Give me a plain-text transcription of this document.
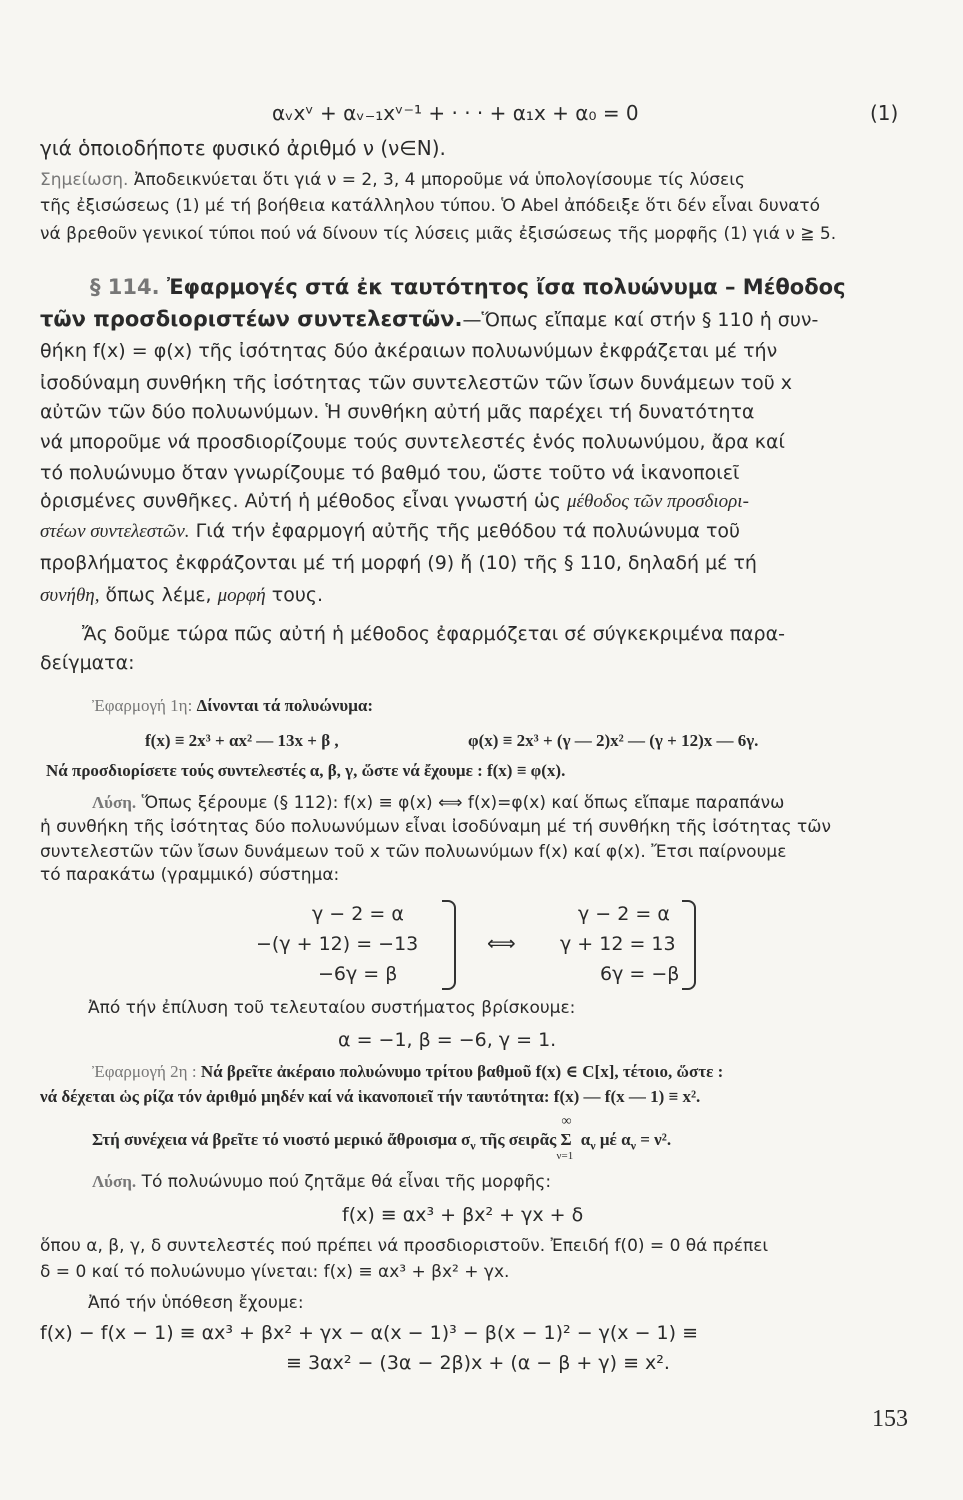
αᵥxᵛ + αᵥ₋₁xᵛ⁻¹ + · · · + α₁x + α₀ = 0	(1)
γιά ὁποιοδήποτε φυσικό ἀριθμό ν (ν∈N).
Σημείωση. Ἀποδεικνύεται ὅτι γιά ν = 2, 3, 4 μποροῦμε νά ὑπολογίσουμε τίς λύσεις
τῆς ἐξισώσεως (1) μέ τή βοήθεια κατάλληλου τύπου. Ὁ Abel ἀπόδειξε ὅτι δέν εἶναι δυνατό
νά βρεθοῦν γενικοί τύποι πού νά δίνουν τίς λύσεις μιᾶς ἐξισώσεως τῆς μορφῆς (1) γιά ν ≧ 5.
§ 114. Ἐφαρμογές στά ἐκ ταυτότητος ἴσα πολυώνυμα – Μέθοδος
τῶν προσδιοριστέων συντελεστῶν.—Ὅπως εἴπαμε καί στήν § 110 ἡ συν-
θήκη f(x) = φ(x) τῆς ἰσότητας δύο ἀκέραιων πολυωνύμων ἐκφράζεται μέ τήν
ἰσοδύναμη συνθήκη τῆς ἰσότητας τῶν συντελεστῶν τῶν ἴσων δυνάμεων τοῦ x
αὐτῶν τῶν δύο πολυωνύμων. Ἡ συνθήκη αὐτή μᾶς παρέχει τή δυνατότητα
νά μποροῦμε νά προσδιορίζουμε τούς συντελεστές ἑνός πολυωνύμου, ἄρα καί
τό πολυώνυμο ὅταν γνωρίζουμε τό βαθμό του, ὥστε τοῦτο νά ἱκανοποιεῖ
ὁρισμένες συνθῆκες. Αὐτή ἡ μέθοδος εἶναι γνωστή ὡς μέθοδος τῶν προσδιορι-
στέων συντελεστῶν. Γιά τήν ἐφαρμογή αὐτῆς τῆς μεθόδου τά πολυώνυμα τοῦ
προβλήματος ἐκφράζονται μέ τή μορφή (9) ἤ (10) τῆς § 110, δηλαδή μέ τή
συνήθη, ὅπως λέμε, μορφή τους.
Ἄς δοῦμε τώρα πῶς αὐτή ἡ μέθοδος ἐφαρμόζεται σέ σύγκεκριμένα παρα-
δείγματα:
Ἐφαρμογή 1η: Δίνονται τά πολυώνυμα:
f(x) ≡ 2x³ + αx² — 13x + β ,	φ(x) ≡ 2x³ + (γ — 2)x² — (γ + 12)x — 6γ.
Νά προσδιορίσετε τούς συντελεστές α, β, γ, ὥστε νά ἔχουμε : f(x) ≡ φ(x).
Λύση. Ὅπως ξέρουμε (§ 112): f(x) ≡ φ(x) ⟺ f(x)=φ(x) καί ὅπως εἴπαμε παραπάνω
ἡ συνθήκη τῆς ἰσότητας δύο πολυωνύμων εἶναι ἰσοδύναμη μέ τή συνθήκη τῆς ἰσότητας τῶν
συντελεστῶν τῶν ἴσων δυνάμεων τοῦ x τῶν πολυωνύμων f(x) καί φ(x). Ἔτσι παίρνουμε
τό παρακάτω (γραμμικό) σύστημα:
γ − 2 = α
−(γ + 12) = −13
−6γ = β
⟺
γ − 2 = α
γ + 12 = 13
6γ = −β
Ἀπό τήν ἐπίλυση τοῦ τελευταίου συστήματος βρίσκουμε:
α = −1, β = −6, γ = 1.
Ἐφαρμογή 2η : Νά βρεῖτε ἀκέραιο πολυώνυμο τρίτου βαθμοῦ f(x) ∈ C[x], τέτοιο, ὥστε :
νά δέχεται ὡς ρίζα τόν ἀριθμό μηδέν καί νά ἱκανοποιεῖ τήν ταυτότητα: f(x) — f(x — 1) ≡ x².
Στή συνέχεια νά βρεῖτε τό νιοστό μερικό ἄθροισμα $\sigma_\nu$ τῆς σειρᾶς
∞
Σ
ν=1
$\alpha_\nu$ μέ $\alpha_\nu = \nu^2$.
Λύση. Τό πολυώνυμο πού ζητᾶμε θά εἶναι τῆς μορφῆς:
f(x) ≡ αx³ + βx² + γx + δ
ὅπου α, β, γ, δ συντελεστές πού πρέπει νά προσδιοριστοῦν. Ἐπειδή f(0) = 0 θά πρέπει
δ = 0 καί τό πολυώνυμο γίνεται: f(x) ≡ αx³ + βx² + γx.
Ἀπό τήν ὑπόθεση ἔχουμε:
f(x) − f(x − 1) ≡ αx³ + βx² + γx − α(x − 1)³ − β(x − 1)² − γ(x − 1) ≡
≡ 3αx² − (3α − 2β)x + (α − β + γ) ≡ x².
153
